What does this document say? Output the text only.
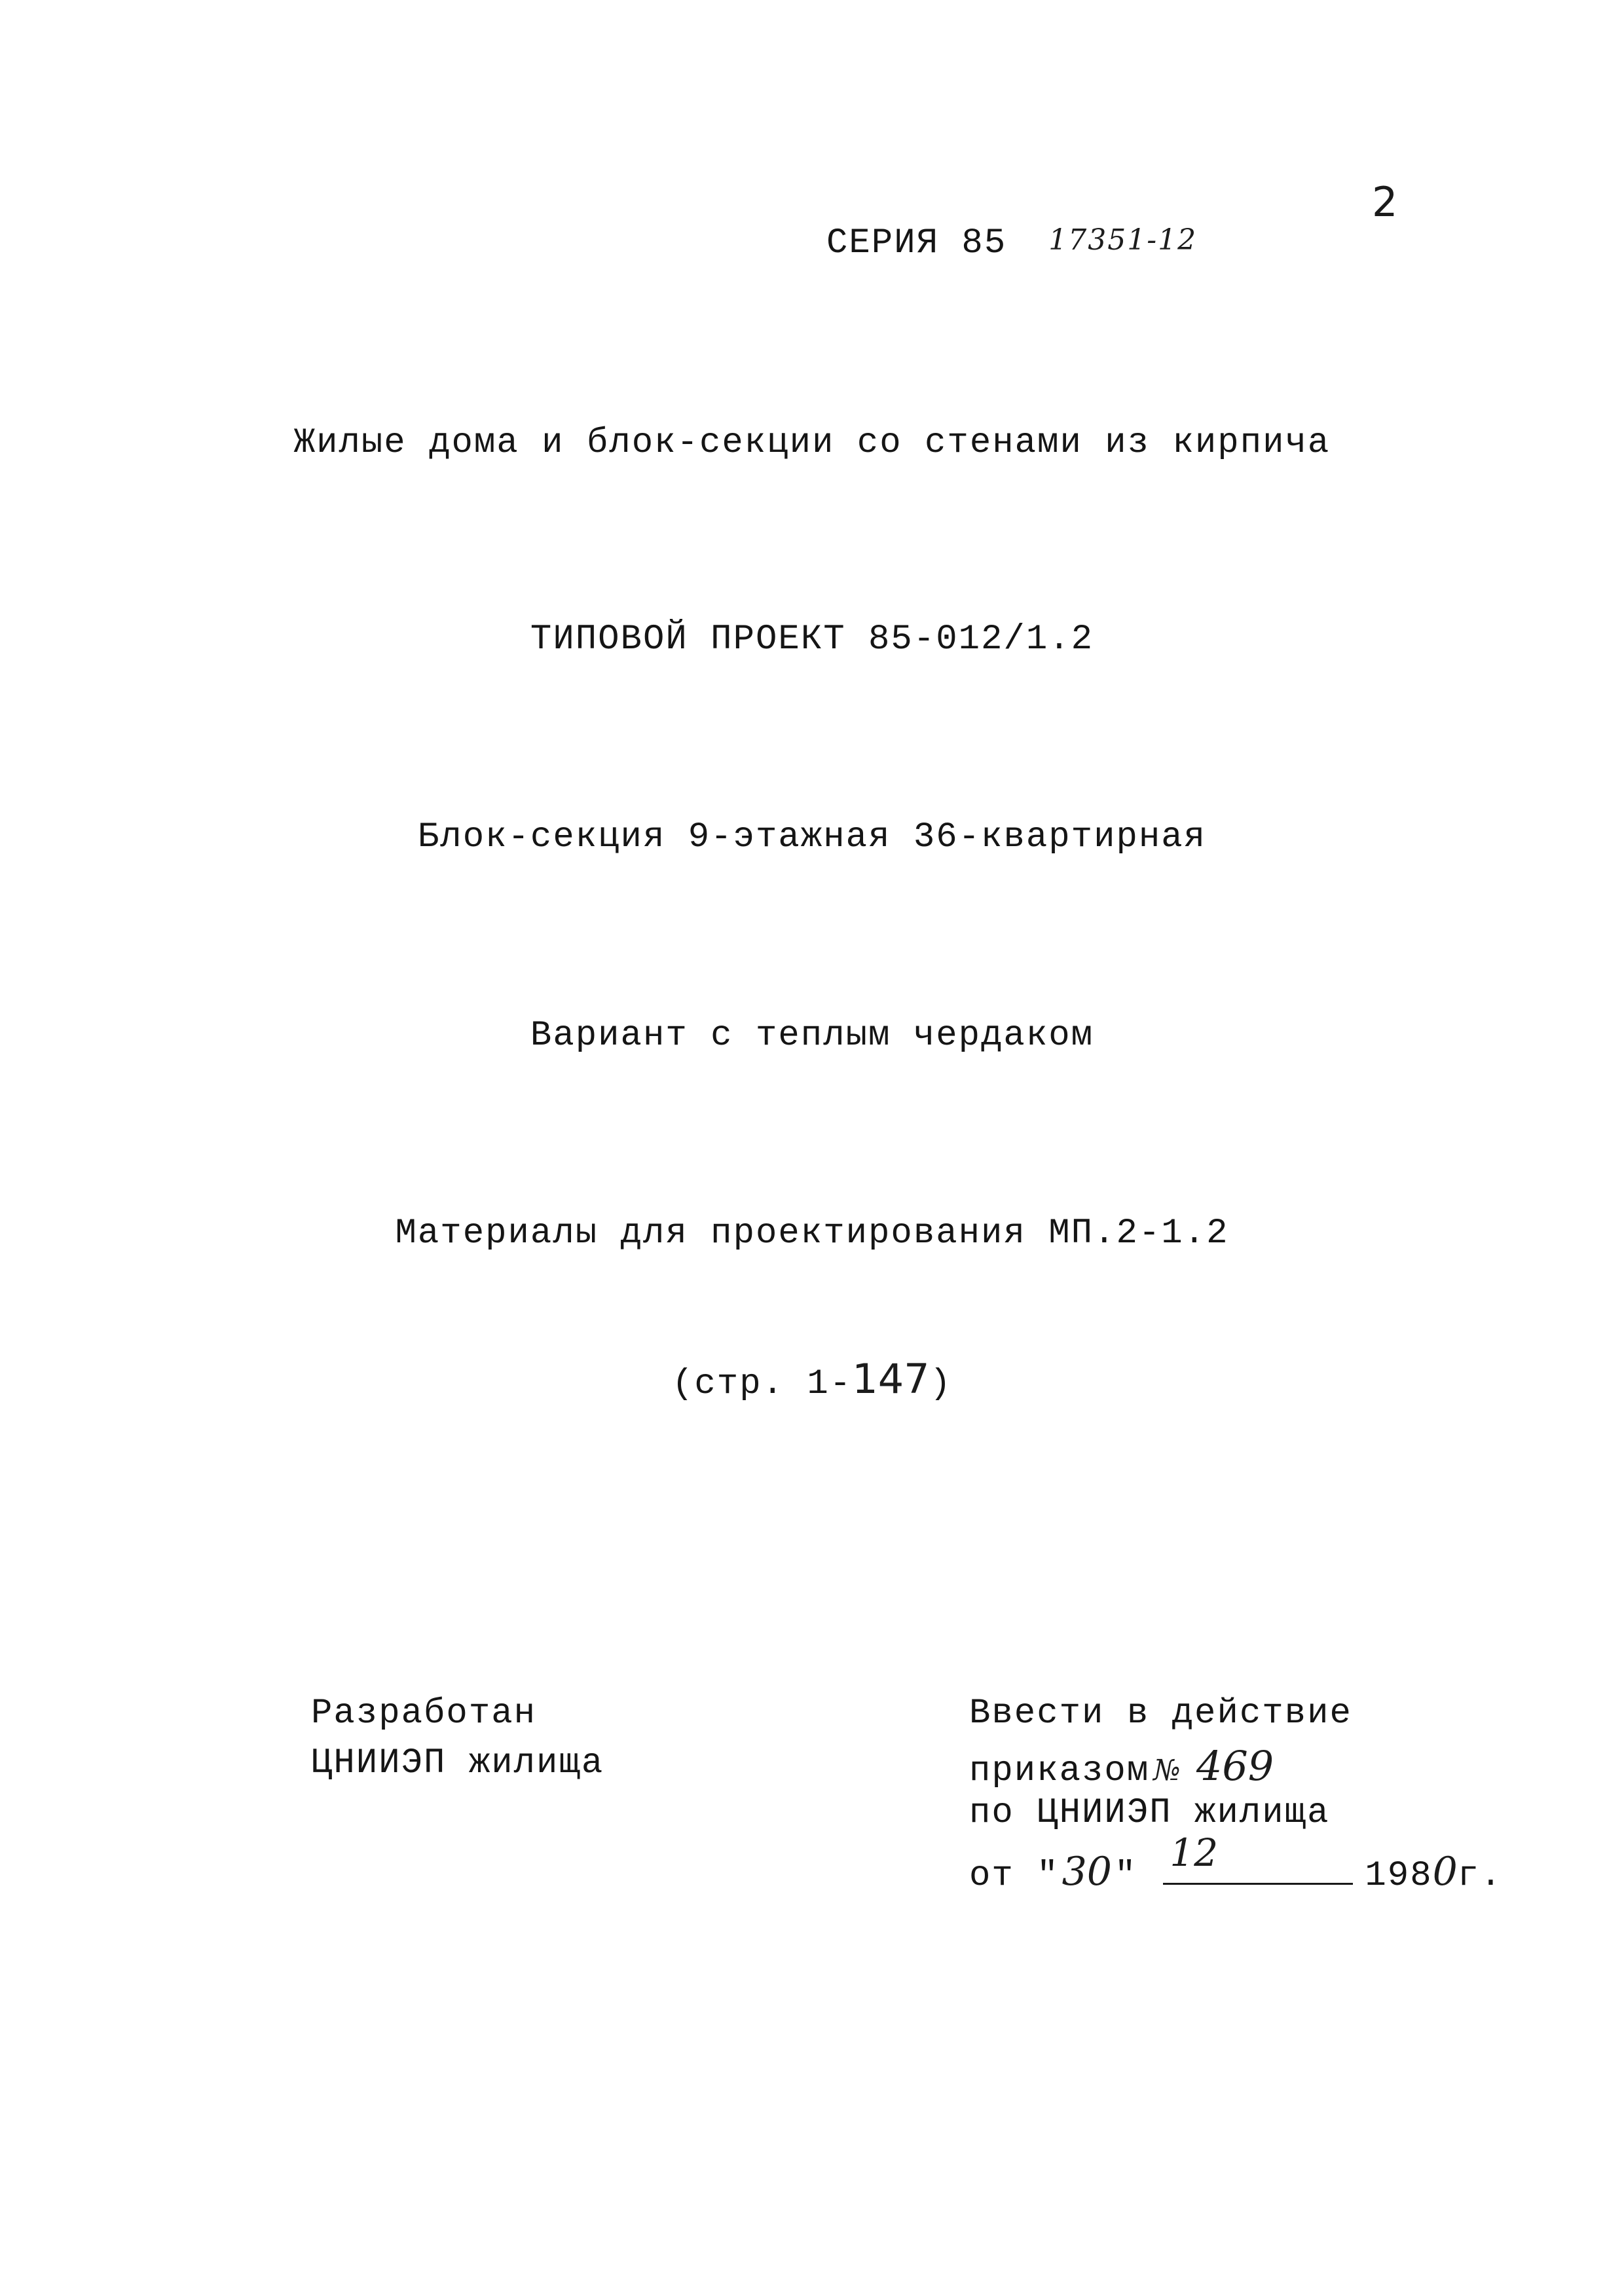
2
СЕРИЯ 85 17351-12
Жилые дома и блок-секции со стенами из кирпича
ТИПОВОЙ ПРОЕКТ 85-012/1.2
Блок-секция 9-этажная 36-квартирная
Вариант с теплым чердаком
Материалы для проектирования МП.2-1.2
(стр. 1-147)
Разработан
ЦНИИЭП жилища
Ввести в действие
приказом № 469
по ЦНИИЭП жилища
от "30"
12
1980г.
